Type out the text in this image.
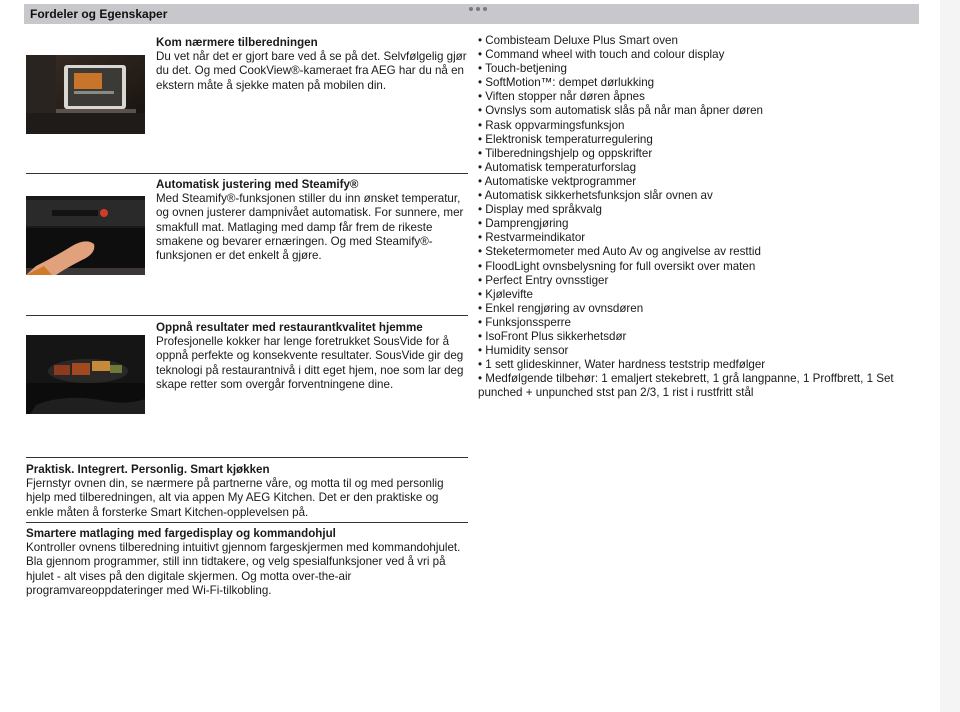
Fordeler og Egenskaper
Kom nærmere tilberedningen
Du vet når det er gjort bare ved å se på det. Selvfølgelig gjør du det. Og med CookView®-kameraet fra AEG har du nå en ekstern måte å sjekke maten på mobilen din.
Automatisk justering med Steamify®
Med Steamify®-funksjonen stiller du inn ønsket temperatur, og ovnen justerer dampnivået automatisk. For sunnere, mer smakfull mat. Matlaging med damp får frem de rikeste smakene og bevarer ernæringen. Og med Steamify®-funksjonen er det enkelt å gjøre.
Oppnå resultater med restaurantkvalitet hjemme
Profesjonelle kokker har lenge foretrukket SousVide for å oppnå perfekte og konsekvente resultater. SousVide gir deg teknologi på restaurantnivå i ditt eget hjem, noe som lar deg skape retter som overgår forventningene dine.
Praktisk. Integrert. Personlig. Smart kjøkken
Fjernstyr ovnen din, se nærmere på partnerne våre, og motta til og med personlig hjelp med tilberedningen, alt via appen My AEG Kitchen. Det er den praktiske og enkle måten å forsterke Smart Kitchen-opplevelsen på.
Smartere matlaging med fargedisplay og kommandohjul
Kontroller ovnens tilberedning intuitivt gjennom fargeskjermen med kommandohjulet. Bla gjennom programmer, still inn tidtakere, og velg spesialfunksjoner ved å vri på hjulet - alt vises på den digitale skjermen. Og motta over-the-air programvareoppdateringer med Wi-Fi-tilkobling.
• Combisteam Deluxe Plus Smart oven
• Command wheel with touch and colour display
• Touch-betjening
• SoftMotion™: dempet dørlukking
• Viften stopper når døren åpnes
• Ovnslys som automatisk slås på når man åpner døren
• Rask oppvarmingsfunksjon
• Elektronisk temperaturregulering
• Tilberedningshjelp og oppskrifter
• Automatisk temperaturforslag
• Automatiske vektprogrammer
• Automatisk sikkerhetsfunksjon slår ovnen av
• Display med språkvalg
• Damprengjøring
• Restvarmeindikator
• Steketermometer med Auto Av og angivelse av resttid
• FloodLight ovnsbelysning for full oversikt over maten
• Perfect Entry ovnsstiger
• Kjølevifte
• Enkel rengjøring av ovnsdøren
• Funksjonssperre
• IsoFront Plus sikkerhetsdør
• Humidity sensor
• 1 sett glideskinner, Water hardness teststrip medfølger
• Medfølgende tilbehør: 1 emaljert stekebrett, 1 grå langpanne, 1 Proffbrett, 1 Set punched + unpunched stst pan 2/3, 1 rist i rustfritt stål
